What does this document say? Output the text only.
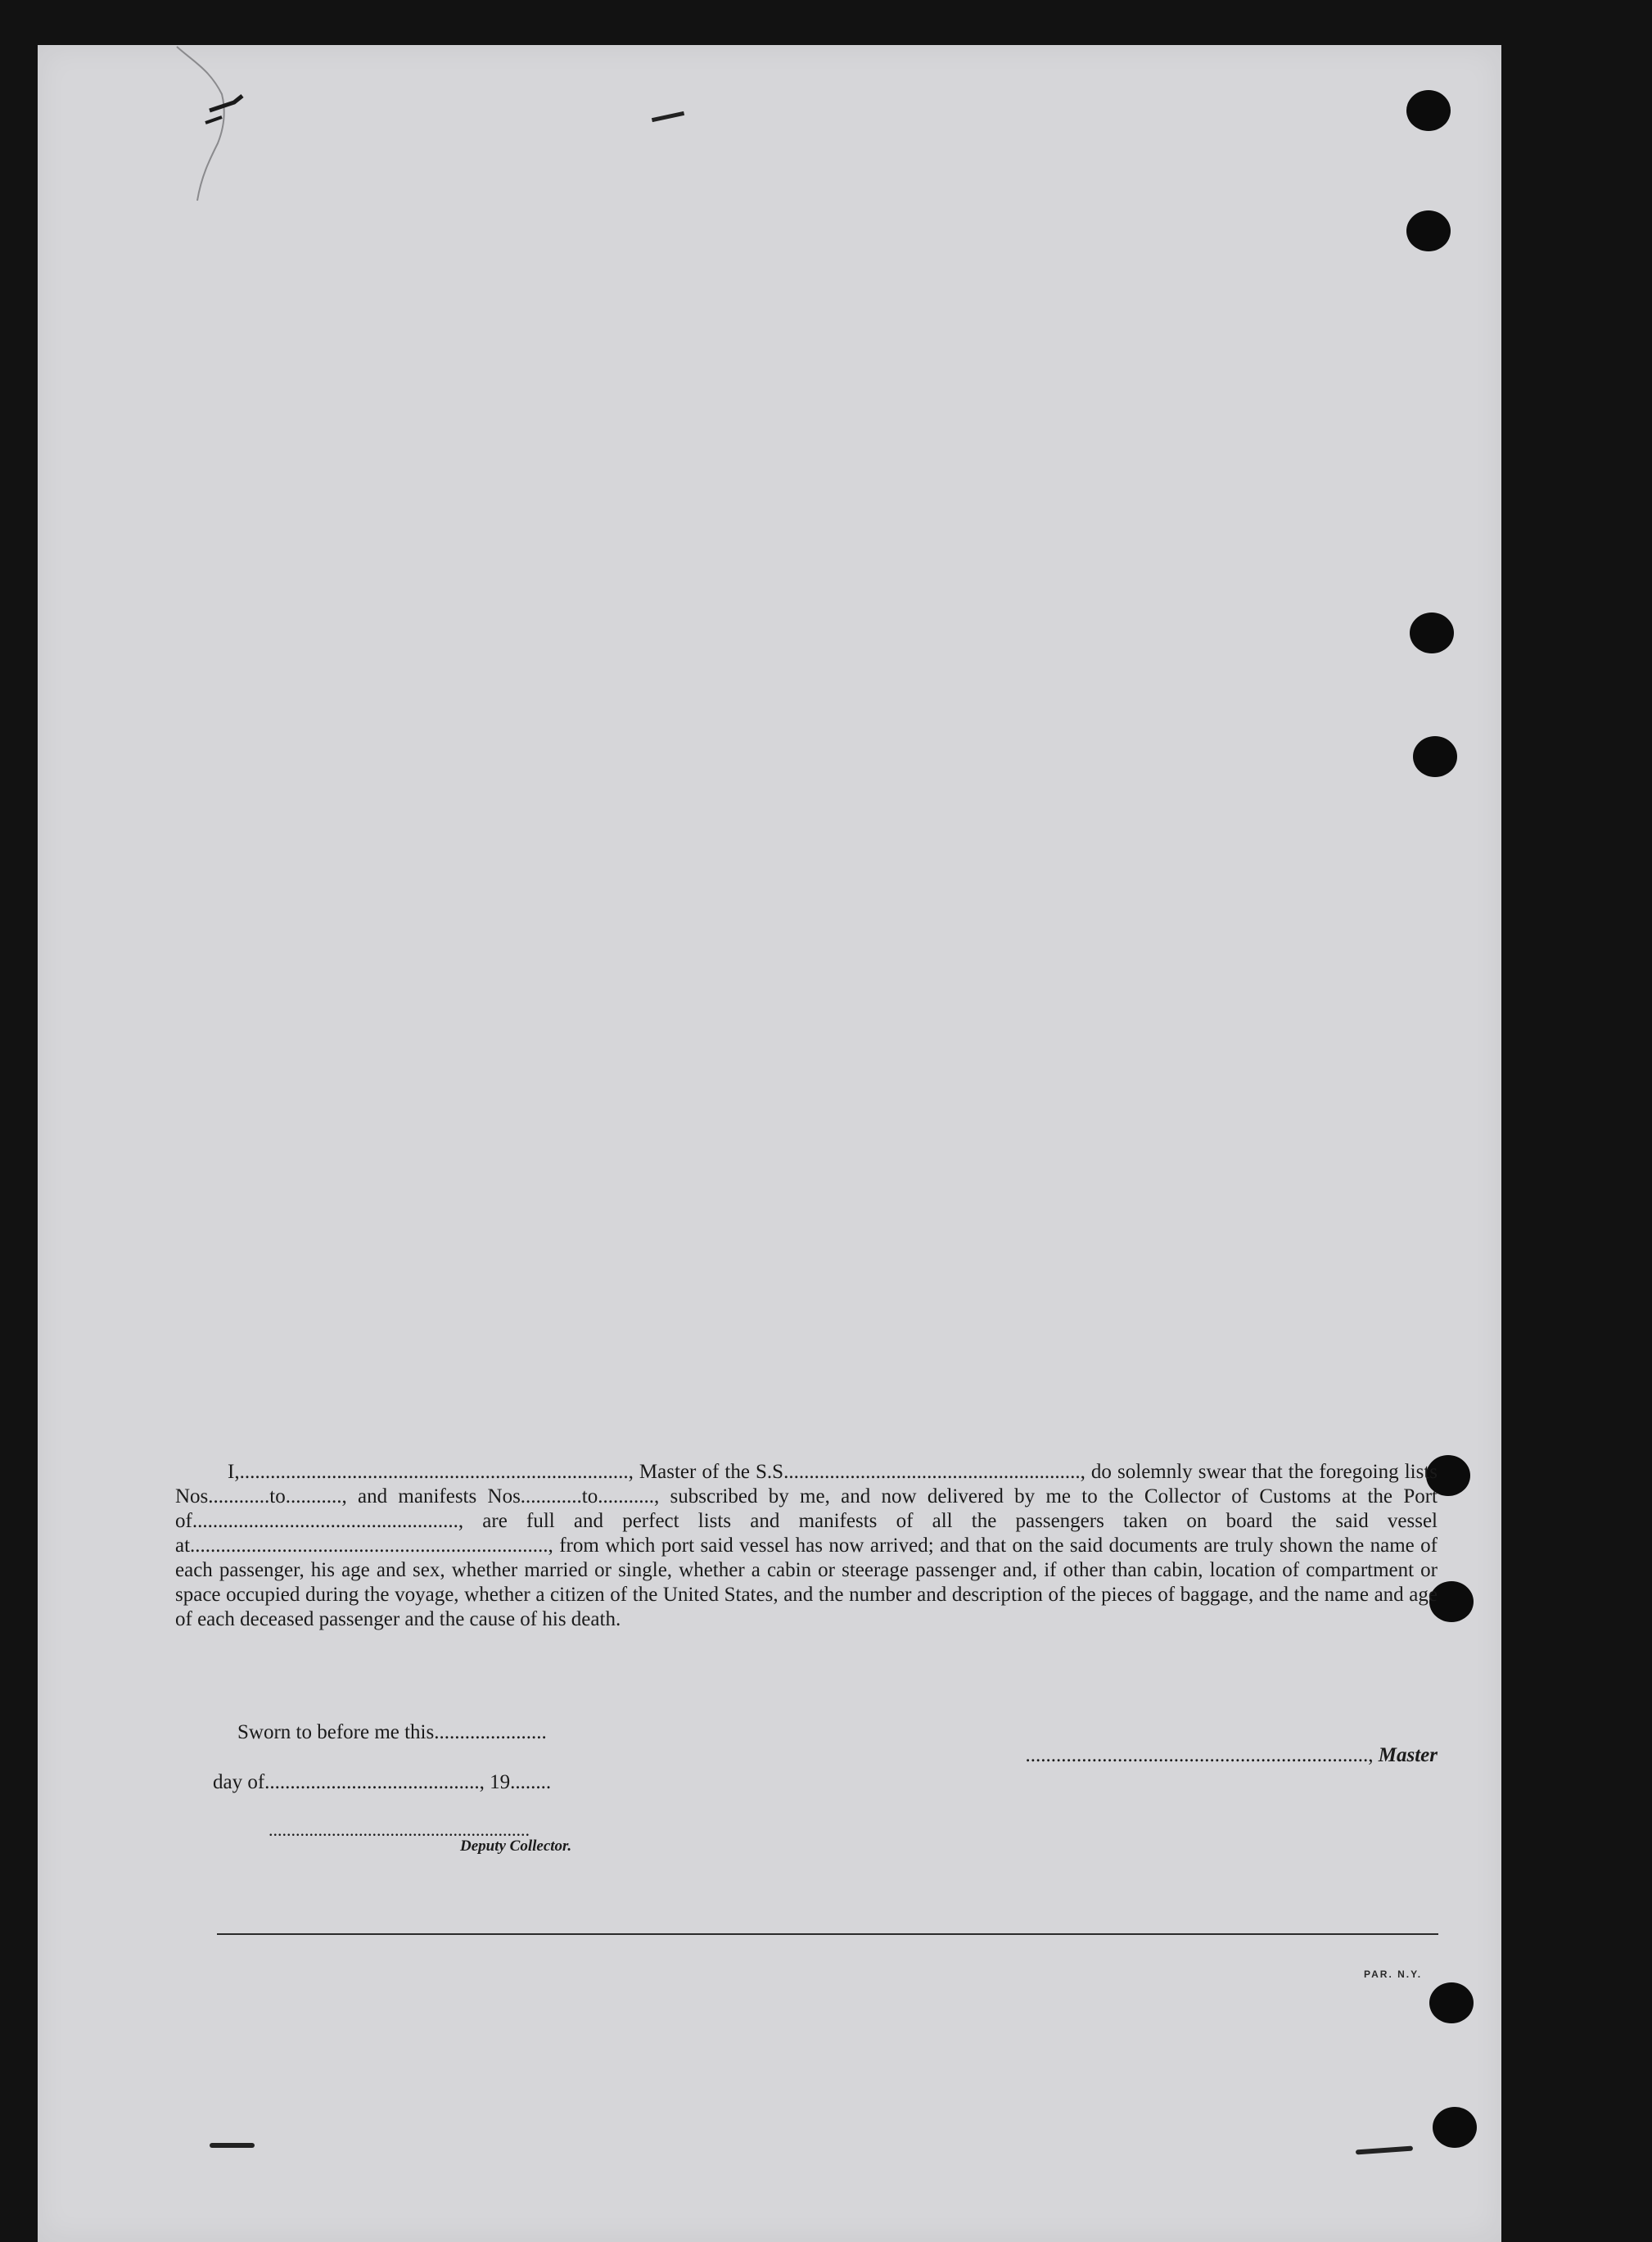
I,............................................................................, Master of the S.S.........................................................., do solemnly swear that the foregoing lists Nos............to..........., and manifests Nos............to..........., subscribed by me, and now delivered by me to the Collector of Customs at the Port of...................................................., are full and perfect lists and manifests of all the passengers taken on board the said vessel at......................................................................, from which port said vessel has now arrived; and that on the said documents are truly shown the name of each passenger, his age and sex, whether married or single, whether a cabin or steerage passenger and, if other than cabin, location of compartment or space occupied during the voyage, whether a citizen of the United States, and the number and description of the pieces of baggage, and the name and age of each deceased passenger and the cause of his death.

Sworn to before me this......................

..................................................................., Master

day of.........................................., 19........
..........................................................
Deputy Collector.
PAR. N.Y.
